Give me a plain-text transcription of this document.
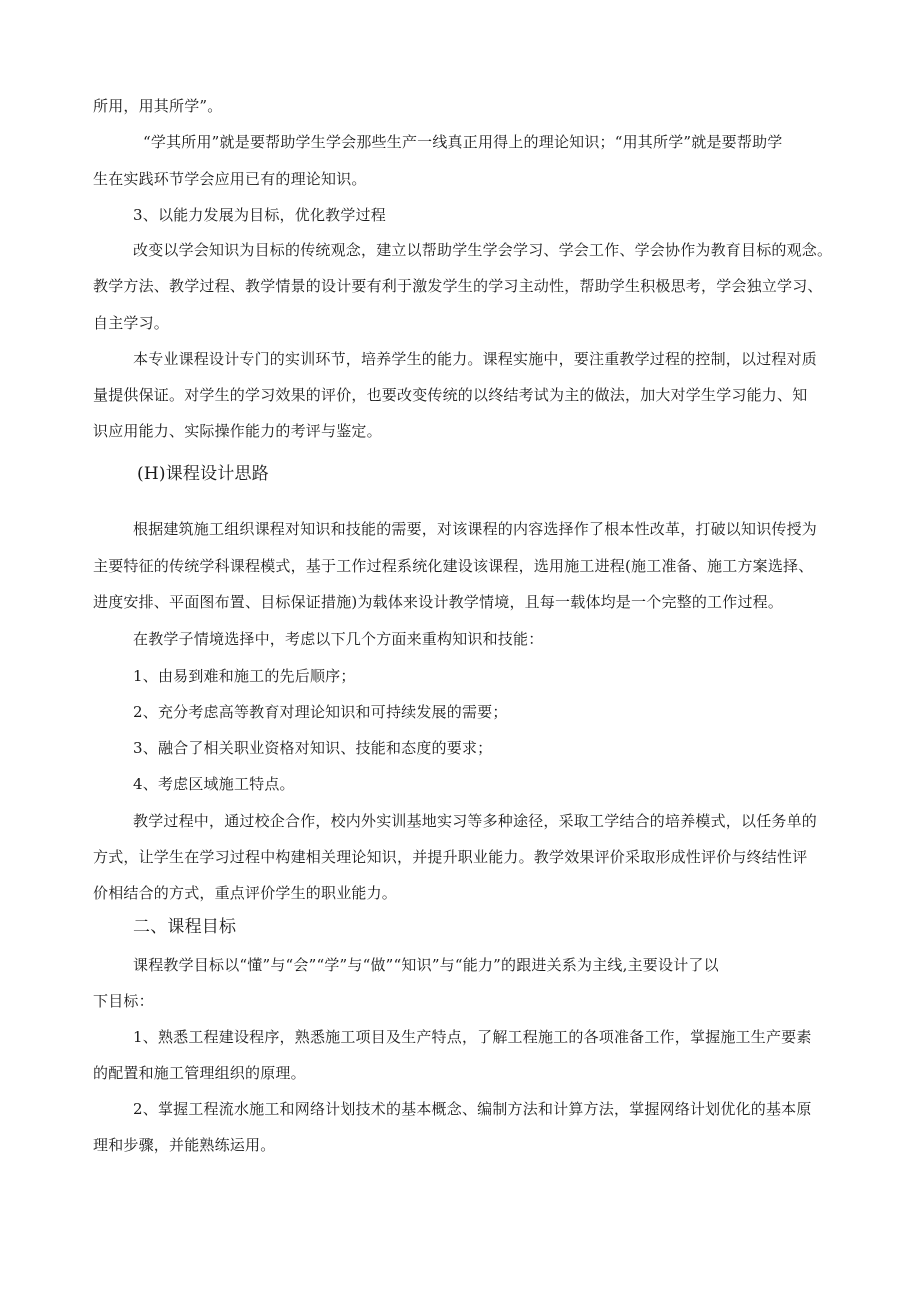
所用，用其所学”。
“学其所用”就是要帮助学生学会那些生产一线真正用得上的理论知识；“用其所学”就是要帮助学
生在实践环节学会应用已有的理论知识。
3、以能力发展为目标，优化教学过程
改变以学会知识为目标的传统观念，建立以帮助学生学会学习、学会工作、学会协作为教育目标的观念。
教学方法、教学过程、教学情景的设计要有利于激发学生的学习主动性，帮助学生积极思考，学会独立学习、
自主学习。
本专业课程设计专门的实训环节，培养学生的能力。课程实施中，要注重教学过程的控制，以过程对质
量提供保证。对学生的学习效果的评价，也要改变传统的以终结考试为主的做法，加大对学生学习能力、知
识应用能力、实际操作能力的考评与鉴定。
(H)课程设计思路
根据建筑施工组织课程对知识和技能的需要，对该课程的内容选择作了根本性改革，打破以知识传授为
主要特征的传统学科课程模式，基于工作过程系统化建设该课程，选用施工进程(施工准备、施工方案选择、
进度安排、平面图布置、目标保证措施)为载体来设计教学情境，且每一载体均是一个完整的工作过程。
在教学子情境选择中，考虑以下几个方面来重构知识和技能：
1、由易到难和施工的先后顺序；
2、充分考虑高等教育对理论知识和可持续发展的需要；
3、融合了相关职业资格对知识、技能和态度的要求；
4、考虑区域施工特点。
教学过程中，通过校企合作，校内外实训基地实习等多种途径，采取工学结合的培养模式，以任务单的
方式，让学生在学习过程中构建相关理论知识，并提升职业能力。教学效果评价采取形成性评价与终结性评
价相结合的方式，重点评价学生的职业能力。
二、课程目标
课程教学目标以“懂”与“会”“学”与“做”“知识”与“能力”的跟进关系为主线,主要设计了以
下目标：
1、熟悉工程建设程序，熟悉施工项目及生产特点，了解工程施工的各项准备工作，掌握施工生产要素
的配置和施工管理组织的原理。
2、掌握工程流水施工和网络计划技术的基本概念、编制方法和计算方法，掌握网络计划优化的基本原
理和步骤，并能熟练运用。
